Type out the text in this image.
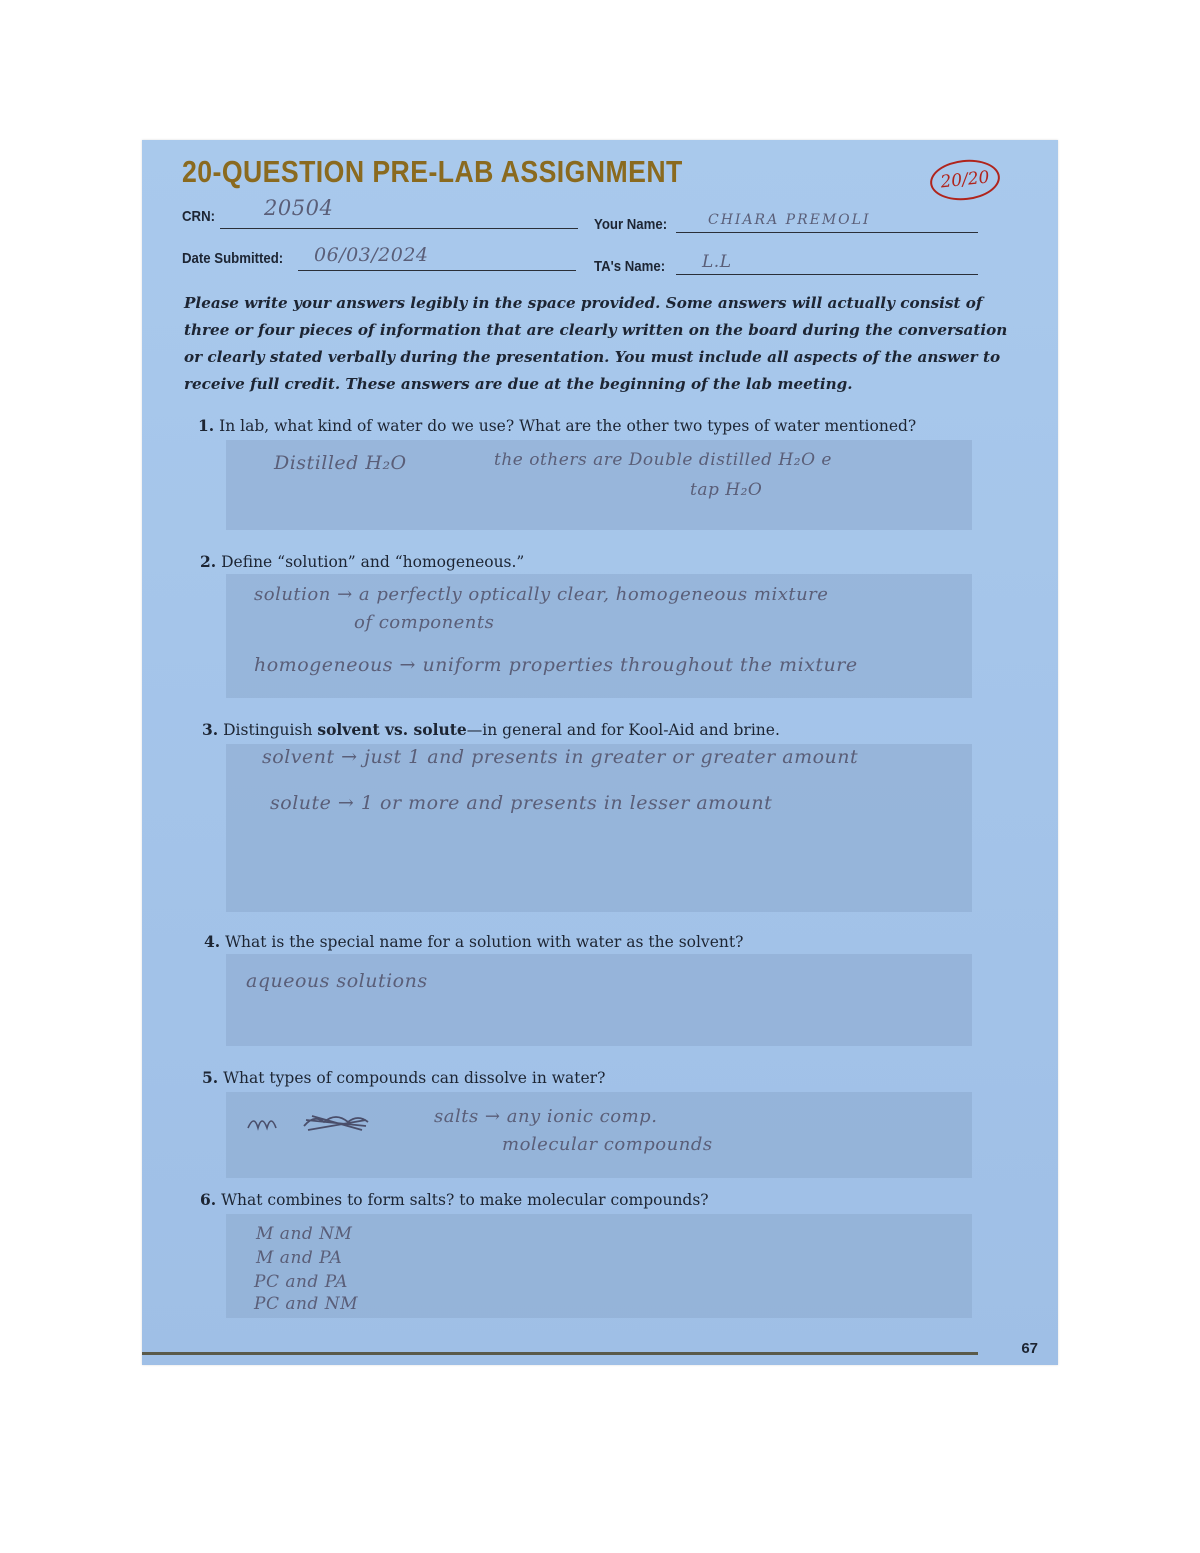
20-QUESTION PRE-LAB ASSIGNMENT	20/20
CRN: 20504
Your Name:	CHIARA PREMOLI
Date Submitted: 06/03/2024
TA's Name: L.L
Please write your answers legibly in the space provided. Some answers will actually consist of three or four pieces of information that are clearly written on the board during the conversation or clearly stated verbally during the presentation. You must include all aspects of the answer to receive full credit. These answers are due at the beginning of the lab meeting.
1. In lab, what kind of water do we use? What are the other two types of water mentioned?
Distilled H₂O	the others are Double distilled H₂O e
tap H₂O
2. Define “solution” and “homogeneous.”
solution → a perfectly optically clear, homogeneous mixture
of components
homogeneous → uniform properties throughout the mixture
3. Distinguish solvent vs. solute—in general and for Kool-Aid and brine.
solvent → just 1 and presents in greater or greater amount
solute → 1 or more and presents in lesser amount
4. What is the special name for a solution with water as the solvent?
aqueous solutions
5. What types of compounds can dissolve in water?
salts → any ionic comp.
molecular compounds
6. What combines to form salts? to make molecular compounds?
M and NM
M and PA
PC and PA
PC and NM
67
